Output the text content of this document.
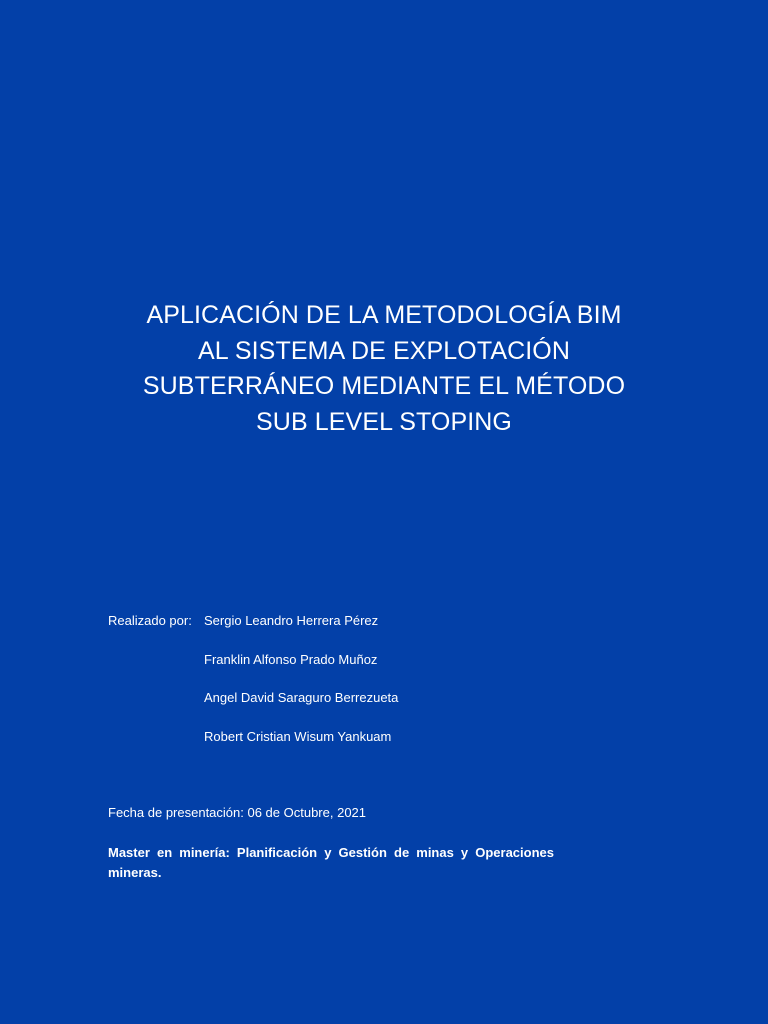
APLICACIÓN DE LA METODOLOGÍA BIM
AL SISTEMA DE EXPLOTACIÓN
SUBTERRÁNEO MEDIANTE EL MÉTODO
SUB LEVEL STOPING
Realizado por: Sergio Leandro Herrera Pérez
Franklin Alfonso Prado Muñoz
Angel David Saraguro Berrezueta
Robert Cristian Wisum Yankuam
Fecha de presentación: 06 de Octubre, 2021
Master en minería: Planificación y Gestión de minas y Operaciones mineras.
